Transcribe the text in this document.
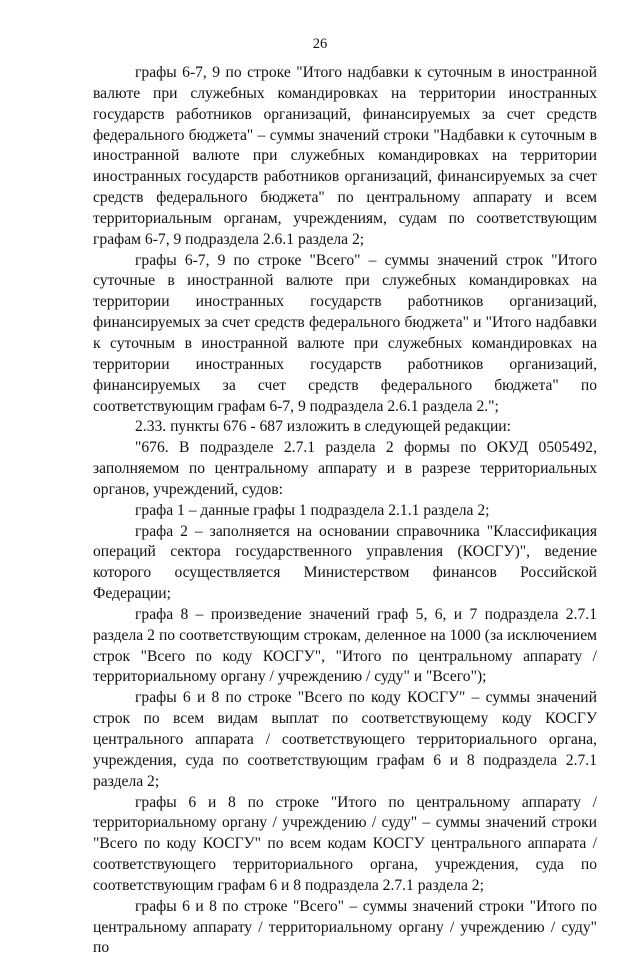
26

графы 6-7, 9 по строке "Итого надбавки к суточным в иностранной валюте при служебных командировках на территории иностранных государств работников организаций, финансируемых за счет средств федерального бюджета" – суммы значений строки "Надбавки к суточным в иностранной валюте при служебных командировках на территории иностранных государств работников организаций, финансируемых за счет средств федерального бюджета" по центральному аппарату и всем территориальным органам, учреждениям, судам по соответствующим графам 6-7, 9 подраздела 2.6.1 раздела 2;

графы 6-7, 9 по строке "Всего" – суммы значений строк "Итого суточные в иностранной валюте при служебных командировках на территории иностранных государств работников организаций, финансируемых за счет средств федерального бюджета" и "Итого надбавки к суточным в иностранной валюте при служебных командировках на территории иностранных государств работников организаций, финансируемых за счет средств федерального бюджета" по соответствующим графам 6-7, 9 подраздела 2.6.1 раздела 2.";

2.33. пункты 676 - 687 изложить в следующей редакции:

"676. В подразделе 2.7.1 раздела 2 формы по ОКУД 0505492, заполняемом по центральному аппарату и в разрезе территориальных органов, учреждений, судов:

графа 1 – данные графы 1 подраздела 2.1.1 раздела 2;

графа 2 – заполняется на основании справочника "Классификация операций сектора государственного управления (КОСГУ)", ведение которого осуществляется Министерством финансов Российской Федерации;

графа 8 – произведение значений граф 5, 6, и 7 подраздела 2.7.1 раздела 2 по соответствующим строкам, деленное на 1000 (за исключением строк "Всего по коду КОСГУ", "Итого по центральному аппарату / территориальному органу / учреждению / суду" и "Всего");

графы 6 и 8 по строке "Всего по коду КОСГУ" – суммы значений строк по всем видам выплат по соответствующему коду КОСГУ центрального аппарата / соответствующего территориального органа, учреждения, суда по соответствующим графам 6 и 8 подраздела 2.7.1 раздела 2;

графы 6 и 8 по строке "Итого по центральному аппарату / территориальному органу / учреждению / суду" – суммы значений строки "Всего по коду КОСГУ" по всем кодам КОСГУ центрального аппарата / соответствующего территориального органа, учреждения, суда по соответствующим графам 6 и 8 подраздела 2.7.1 раздела 2;

графы 6 и 8 по строке "Всего" – суммы значений строки "Итого по центральному аппарату / территориальному органу / учреждению / суду" по
